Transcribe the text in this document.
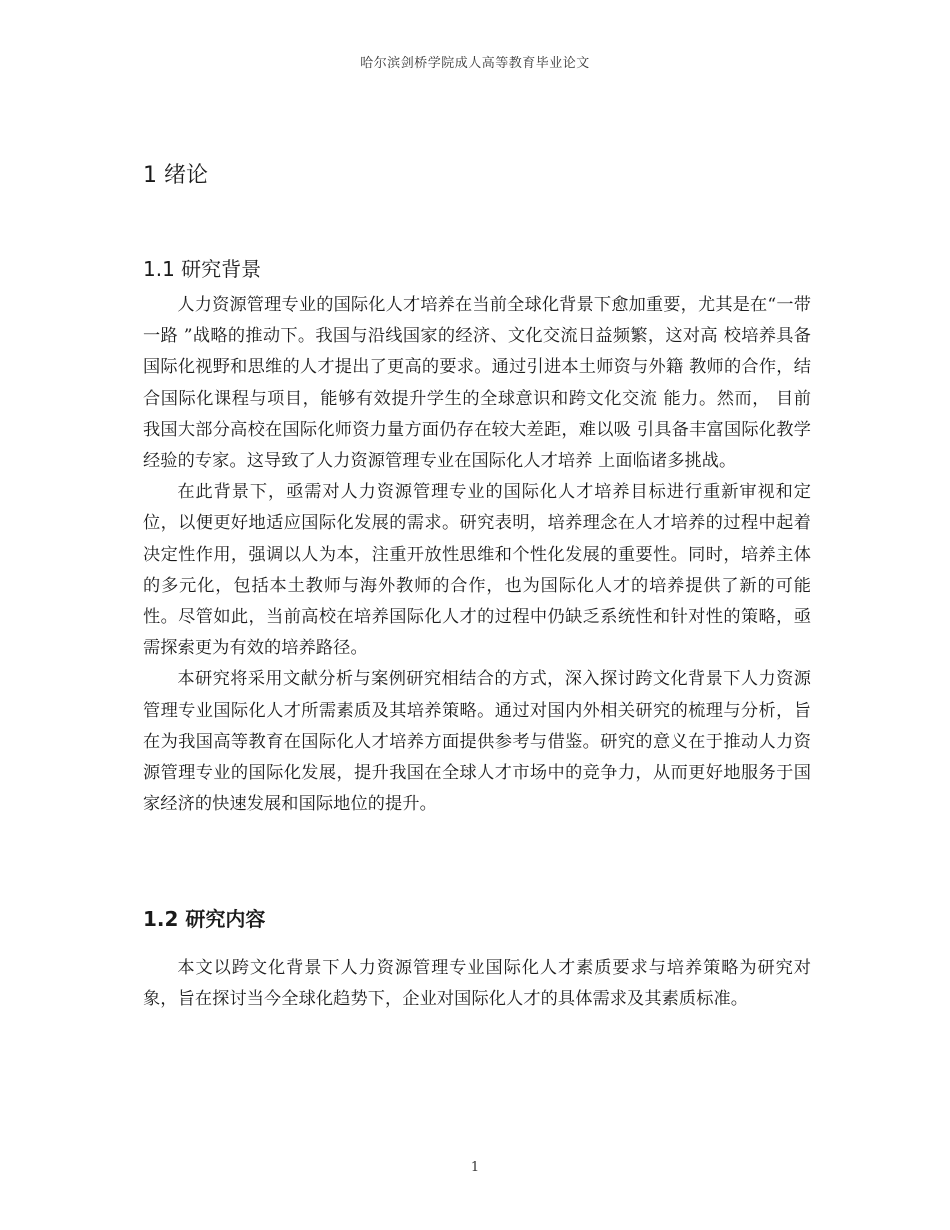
哈尔滨剑桥学院成人高等教育毕业论文
1 绪论
1.1 研究背景

人力资源管理专业的国际化人才培养在当前全球化背景下愈加重要，尤其是在“一带一路 ”战略的推动下。我国与沿线国家的经济、文化交流日益频繁，这对高 校培养具备国际化视野和思维的人才提出了更高的要求。通过引进本土师资与外籍 教师的合作，结合国际化课程与项目，能够有效提升学生的全球意识和跨文化交流 能力。然而， 目前我国大部分高校在国际化师资力量方面仍存在较大差距，难以吸 引具备丰富国际化教学经验的专家。这导致了人力资源管理专业在国际化人才培养 上面临诸多挑战。

在此背景下，亟需对人力资源管理专业的国际化人才培养目标进行重新审视和定位，以便更好地适应国际化发展的需求。研究表明，培养理念在人才培养的过程中起着决定性作用，强调以人为本，注重开放性思维和个性化发展的重要性。同时，培养主体的多元化，包括本土教师与海外教师的合作，也为国际化人才的培养提供了新的可能性。尽管如此，当前高校在培养国际化人才的过程中仍缺乏系统性和针对性的策略，亟需探索更为有效的培养路径。

本研究将采用文献分析与案例研究相结合的方式，深入探讨跨文化背景下人力资源管理专业国际化人才所需素质及其培养策略。通过对国内外相关研究的梳理与分析，旨在为我国高等教育在国际化人才培养方面提供参考与借鉴。研究的意义在于推动人力资源管理专业的国际化发展，提升我国在全球人才市场中的竞争力，从而更好地服务于国家经济的快速发展和国际地位的提升。

1.2 研究内容

本文以跨文化背景下人力资源管理专业国际化人才素质要求与培养策略为研究对象，旨在探讨当今全球化趋势下，企业对国际化人才的具体需求及其素质标准。

1
